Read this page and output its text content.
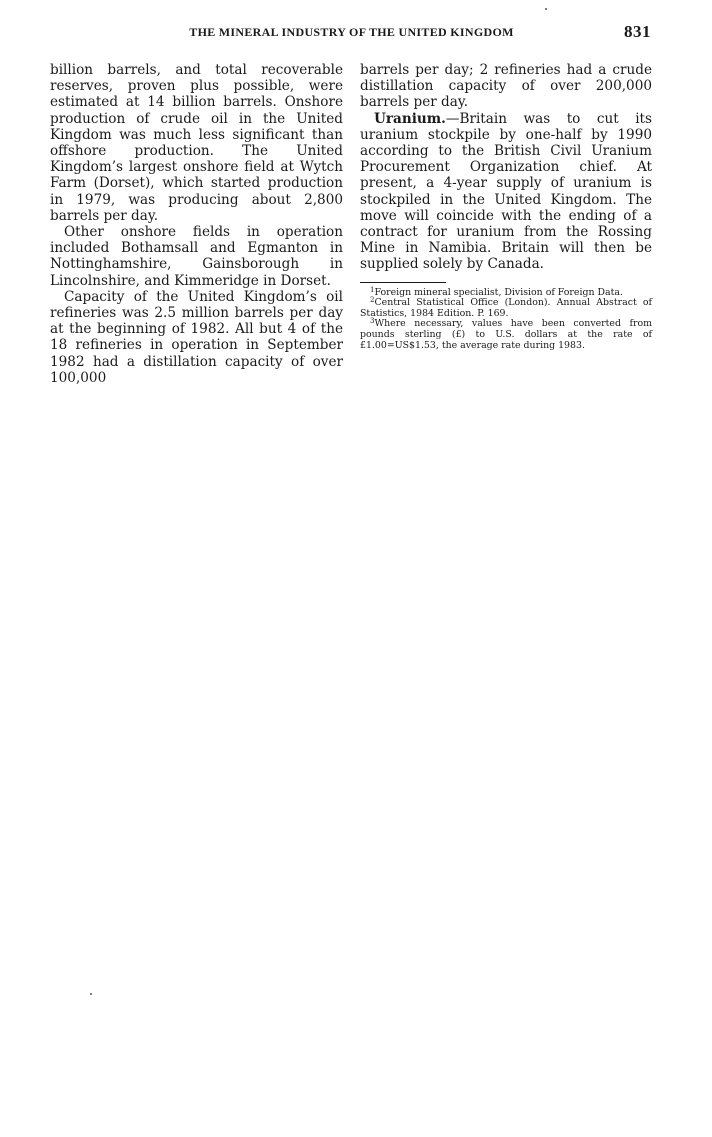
THE MINERAL INDUSTRY OF THE UNITED KINGDOM	831

billion barrels, and total recoverable reserves, proven plus possible, were estimated at 14 billion barrels. Onshore production of crude oil in the United Kingdom was much less significant than offshore production. The United Kingdom’s largest onshore field at Wytch Farm (Dorset), which started production in 1979, was producing about 2,800 barrels per day.

Other onshore fields in operation included Bothamsall and Egmanton in Nottinghamshire, Gainsborough in Lincolnshire, and Kimmeridge in Dorset.

Capacity of the United Kingdom’s oil refineries was 2.5 million barrels per day at the beginning of 1982. All but 4 of the 18 refineries in operation in September 1982 had a distillation capacity of over 100,000

barrels per day; 2 refineries had a crude distillation capacity of over 200,000 barrels per day.

Uranium.—Britain was to cut its uranium stockpile by one-half by 1990 according to the British Civil Uranium Procurement Organization chief. At present, a 4-year supply of uranium is stockpiled in the United Kingdom. The move will coincide with the ending of a contract for uranium from the Rossing Mine in Namibia. Britain will then be supplied solely by Canada.

$^1$Foreign mineral specialist, Division of Foreign Data.

$^2$Central Statistical Office (London). Annual Abstract of Statistics, 1984 Edition. P. 169.

$^3$Where necessary, values have been converted from pounds sterling (£) to U.S. dollars at the rate of £1.00=US$1.53, the average rate during 1983.
